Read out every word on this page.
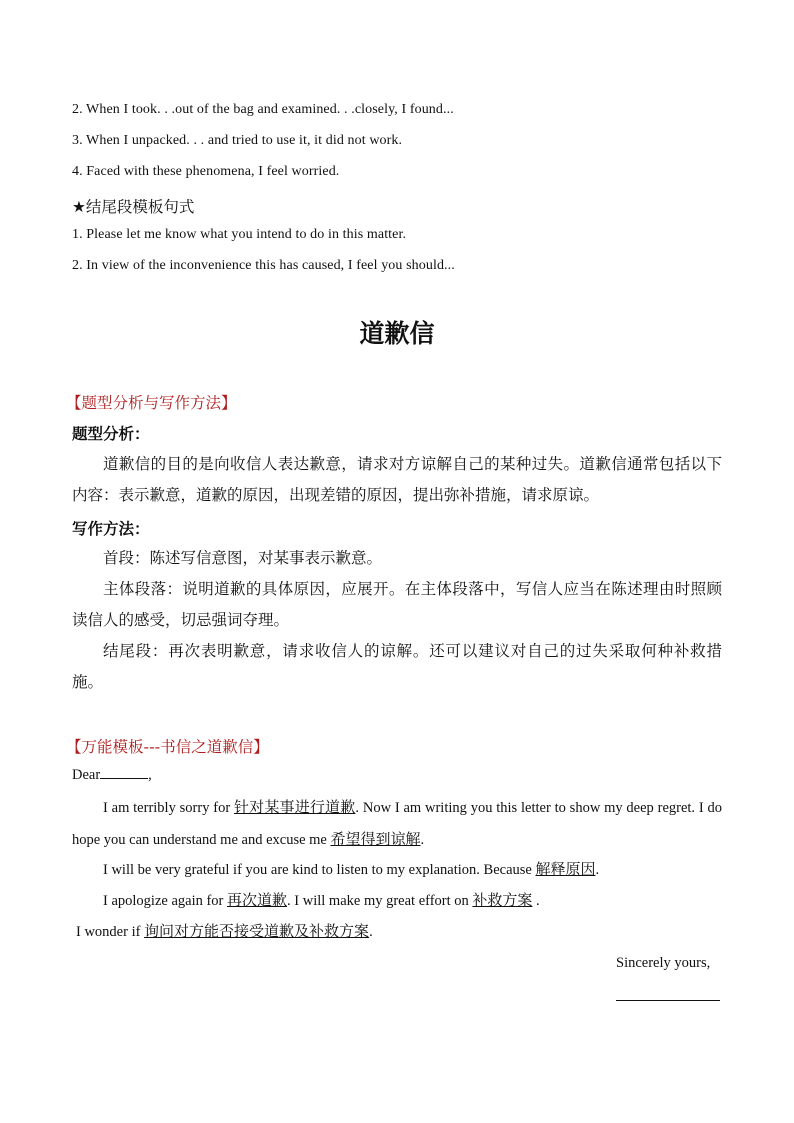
2. When I took. . .out of the bag and examined. . .closely, I found...
3. When I unpacked. . . and tried to use it, it did not work.
4. Faced with these phenomena, I feel worried.
★结尾段模板句式
1. Please let me know what you intend to do in this matter.
2. In view of the inconvenience this has caused, I feel you should...
道歉信
【题型分析与写作方法】
题型分析：
道歉信的目的是向收信人表达歉意，请求对方谅解自己的某种过失。道歉信通常包括以下内容：表示歉意，道歉的原因，出现差错的原因，提出弥补措施，请求原谅。
写作方法：
首段：陈述写信意图，对某事表示歉意。
主体段落：说明道歉的具体原因，应展开。在主体段落中，写信人应当在陈述理由时照顾读信人的感受，切忌强词夺理。
结尾段：再次表明歉意，请求收信人的谅解。还可以建议对自己的过失采取何种补救措施。
【万能模板---书信之道歉信】
Dear	,
I am terribly sorry for 针对某事进行道歉. Now I am writing you this letter to show my deep regret. I do hope you can understand me and excuse me 希望得到谅解.
I will be very grateful if you are kind to listen to my explanation. Because 解释原因.
I apologize again for 再次道歉. I will make my great effort on 补救方案 .
I wonder if 询问对方能否接受道歉及补救方案.
Sincerely yours,
